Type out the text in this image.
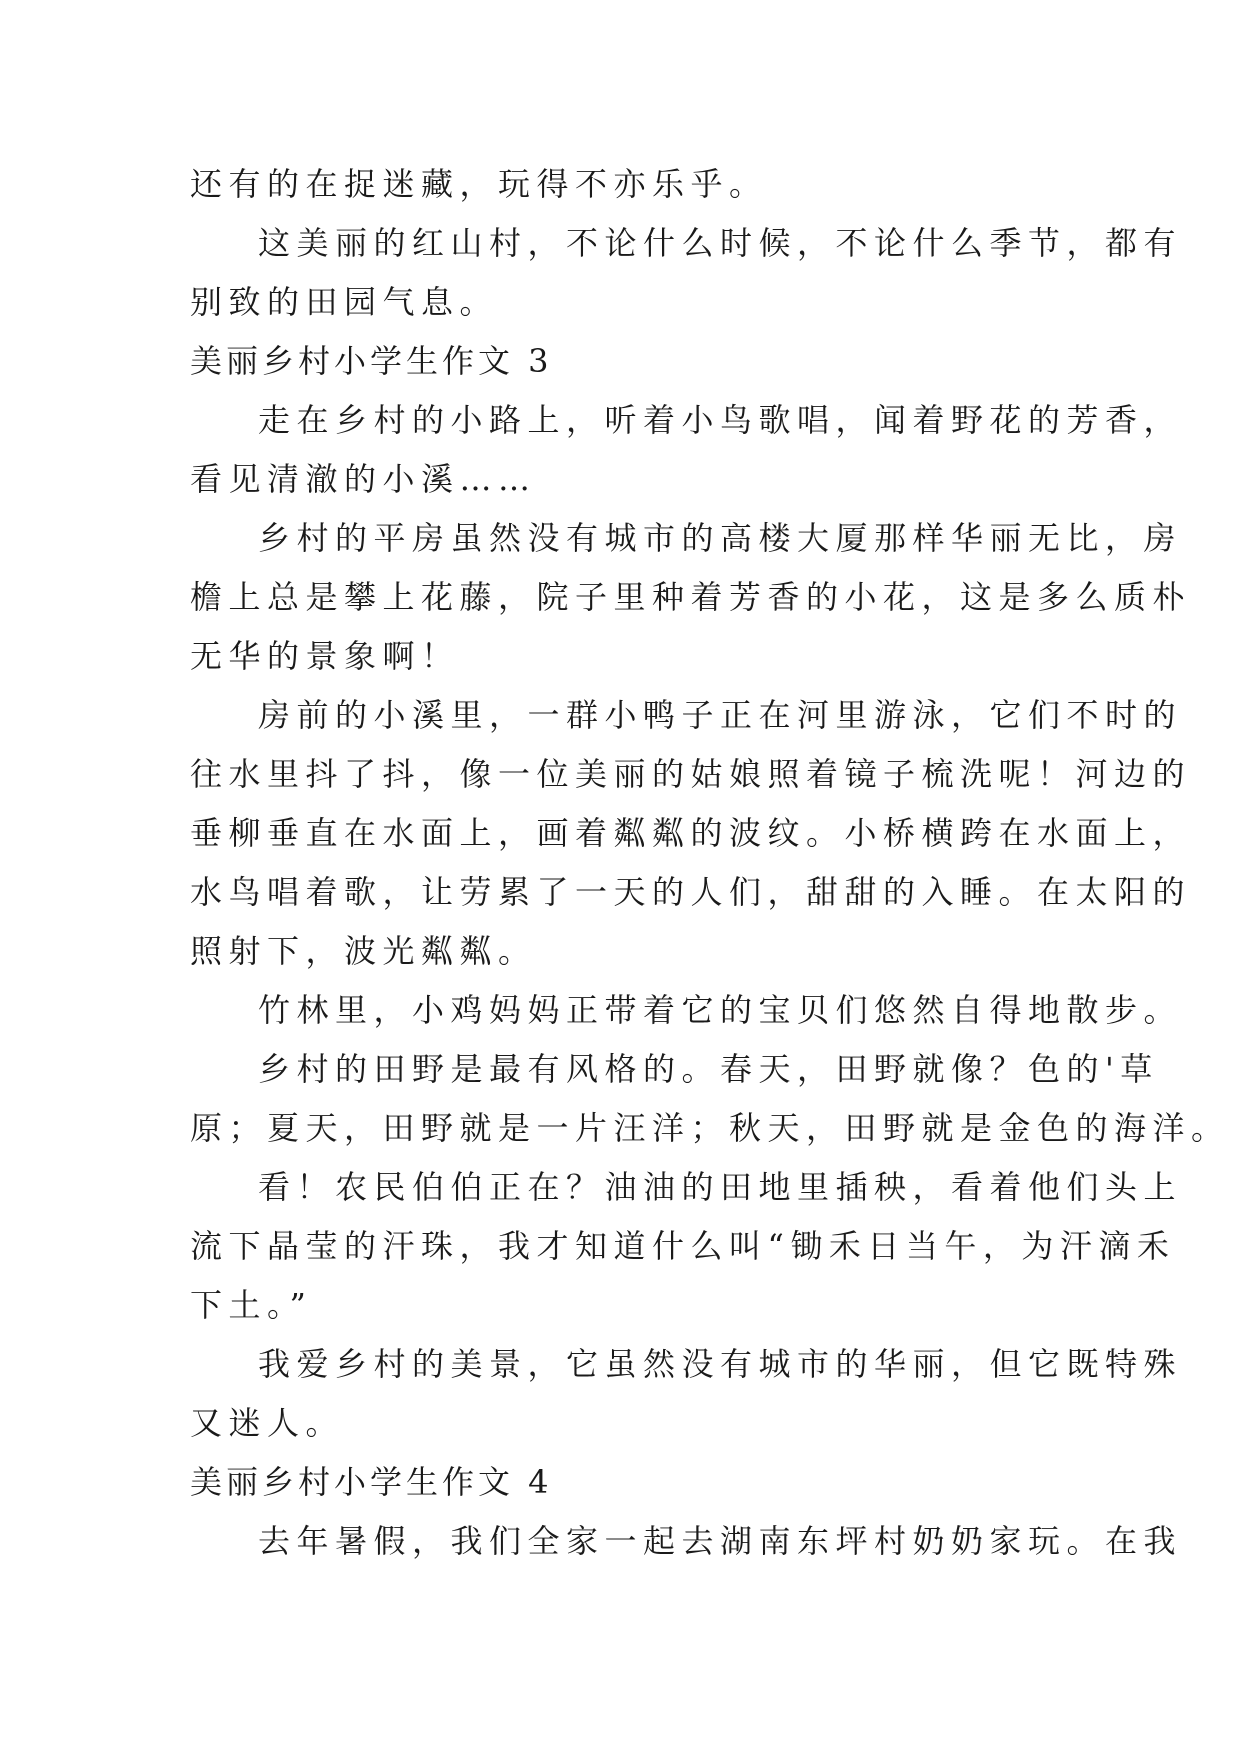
还有的在捉迷藏，玩得不亦乐乎。
这美丽的红山村，不论什么时候，不论什么季节，都有
别致的田园气息。
美丽乡村小学生作文 3
走在乡村的小路上，听着小鸟歌唱，闻着野花的芳香，
看见清澈的小溪……
乡村的平房虽然没有城市的高楼大厦那样华丽无比，房
檐上总是攀上花藤，院子里种着芳香的小花，这是多么质朴
无华的景象啊！
房前的小溪里，一群小鸭子正在河里游泳，它们不时的
往水里抖了抖，像一位美丽的姑娘照着镜子梳洗呢！河边的
垂柳垂直在水面上，画着粼粼的波纹。小桥横跨在水面上，
水鸟唱着歌，让劳累了一天的人们，甜甜的入睡。在太阳的
照射下，波光粼粼。
竹林里，小鸡妈妈正带着它的宝贝们悠然自得地散步。
乡村的田野是最有风格的。春天，田野就像？色的'草
原；夏天，田野就是一片汪洋；秋天，田野就是金色的海洋。
看！农民伯伯正在？油油的田地里插秧，看着他们头上
流下晶莹的汗珠，我才知道什么叫“锄禾日当午，为汗滴禾
下土。”
我爱乡村的美景，它虽然没有城市的华丽，但它既特殊
又迷人。
美丽乡村小学生作文 4
去年暑假，我们全家一起去湖南东坪村奶奶家玩。在我
